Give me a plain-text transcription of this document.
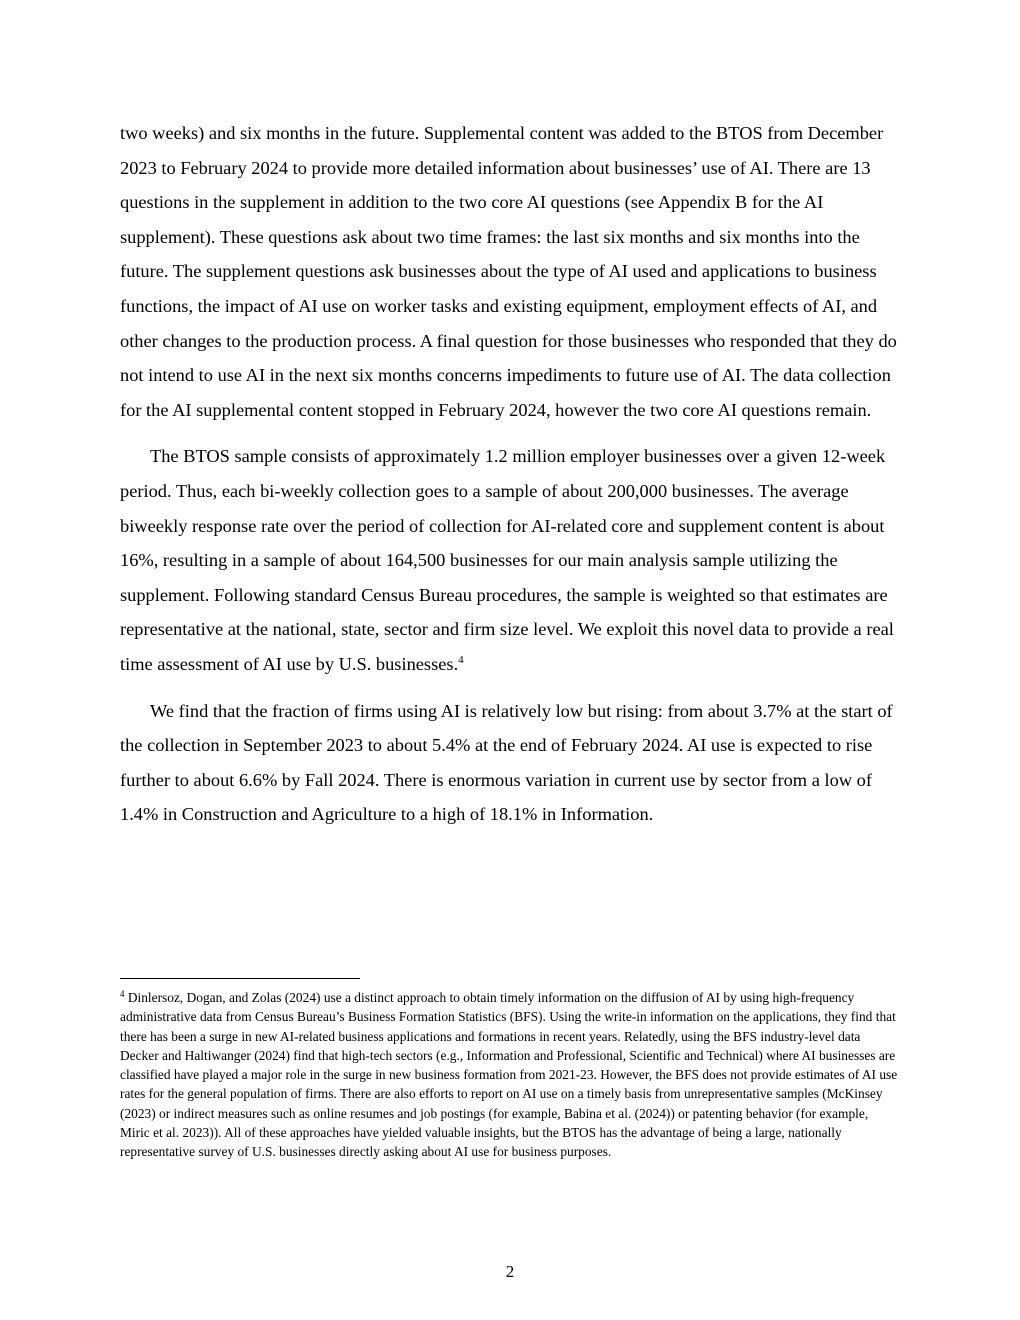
two weeks) and six months in the future. Supplemental content was added to the BTOS from December 2023 to February 2024 to provide more detailed information about businesses’ use of AI. There are 13 questions in the supplement in addition to the two core AI questions (see Appendix B for the AI supplement). These questions ask about two time frames: the last six months and six months into the future. The supplement questions ask businesses about the type of AI used and applications to business functions, the impact of AI use on worker tasks and existing equipment, employment effects of AI, and other changes to the production process. A final question for those businesses who responded that they do not intend to use AI in the next six months concerns impediments to future use of AI. The data collection for the AI supplemental content stopped in February 2024, however the two core AI questions remain.

The BTOS sample consists of approximately 1.2 million employer businesses over a given 12-week period. Thus, each bi-weekly collection goes to a sample of about 200,000 businesses. The average biweekly response rate over the period of collection for AI-related core and supplement content is about 16%, resulting in a sample of about 164,500 businesses for our main analysis sample utilizing the supplement. Following standard Census Bureau procedures, the sample is weighted so that estimates are representative at the national, state, sector and firm size level. We exploit this novel data to provide a real time assessment of AI use by U.S. businesses.$^4$

We find that the fraction of firms using AI is relatively low but rising: from about 3.7% at the start of the collection in September 2023 to about 5.4% at the end of February 2024. AI use is expected to rise further to about 6.6% by Fall 2024. There is enormous variation in current use by sector from a low of 1.4% in Construction and Agriculture to a high of 18.1% in Information.

$^4$ Dinlersoz, Dogan, and Zolas (2024) use a distinct approach to obtain timely information on the diffusion of AI by using high-frequency administrative data from Census Bureau’s Business Formation Statistics (BFS). Using the write-in information on the applications, they find that there has been a surge in new AI-related business applications and formations in recent years. Relatedly, using the BFS industry-level data Decker and Haltiwanger (2024) find that high-tech sectors (e.g., Information and Professional, Scientific and Technical) where AI businesses are classified have played a major role in the surge in new business formation from 2021-23. However, the BFS does not provide estimates of AI use rates for the general population of firms. There are also efforts to report on AI use on a timely basis from unrepresentative samples (McKinsey (2023) or indirect measures such as online resumes and job postings (for example, Babina et al. (2024)) or patenting behavior (for example, Miric et al. 2023)). All of these approaches have yielded valuable insights, but the BTOS has the advantage of being a large, nationally representative survey of U.S. businesses directly asking about AI use for business purposes.

2
